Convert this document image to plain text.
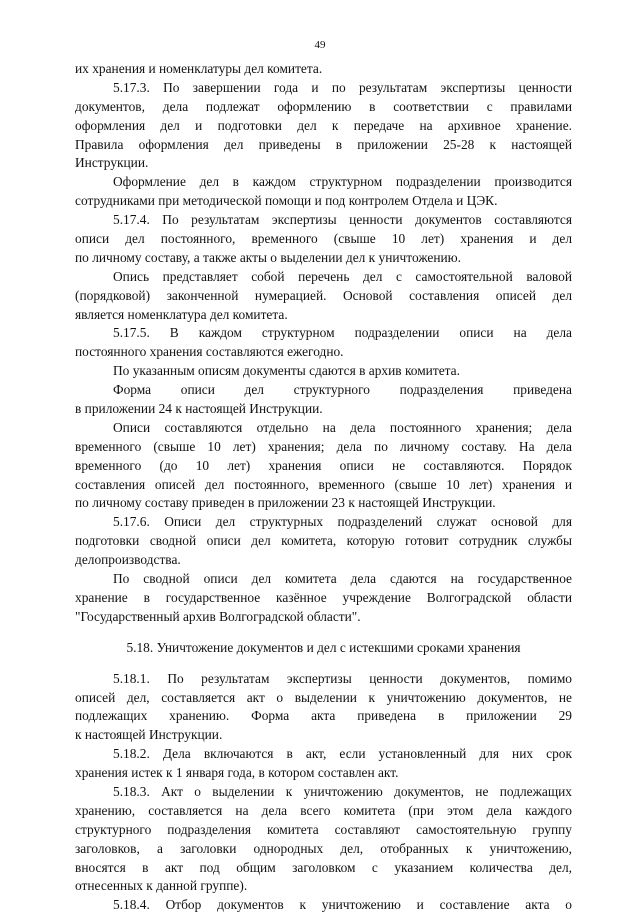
49
их хранения и номенклатуры дел комитета.
5.17.3. По завершении года и по результатам экспертизы ценности
документов, дела подлежат оформлению в соответствии с правилами
оформления дел и подготовки дел к передаче на архивное хранение.
Правила оформления дел приведены в приложении 25-28 к настоящей
Инструкции.
Оформление дел в каждом структурном подразделении производится
сотрудниками при методической помощи и под контролем Отдела и ЦЭК.
5.17.4. По результатам экспертизы ценности документов составляются
описи дел постоянного, временного (свыше 10 лет) хранения и дел
по личному составу, а также акты о выделении дел к уничтожению.
Опись представляет собой перечень дел с самостоятельной валовой
(порядковой) законченной нумерацией. Основой составления описей дел
является номенклатура дел комитета.
5.17.5. В каждом структурном подразделении описи на дела
постоянного хранения составляются ежегодно.
По указанным описям документы сдаются в архив комитета.
Форма описи дел структурного подразделения приведена
в приложении 24 к настоящей Инструкции.
Описи составляются отдельно на дела постоянного хранения; дела
временного (свыше 10 лет) хранения; дела по личному составу. На дела
временного (до 10 лет) хранения описи не составляются. Порядок
составления описей дел постоянного, временного (свыше 10 лет) хранения и
по личному составу приведен в приложении 23 к настоящей Инструкции.
5.17.6. Описи дел структурных подразделений служат основой для
подготовки сводной описи дел комитета, которую готовит сотрудник службы
делопроизводства.
По сводной описи дел комитета дела сдаются на государственное
хранение в государственное казённое учреждение Волгоградской области
"Государственный архив Волгоградской области".
5.18. Уничтожение документов и дел с истекшими сроками хранения
5.18.1. По результатам экспертизы ценности документов, помимо
описей дел, составляется акт о выделении к уничтожению документов, не
подлежащих хранению. Форма акта приведена в приложении 29
к настоящей Инструкции.
5.18.2. Дела включаются в акт, если установленный для них срок
хранения истек к 1 января года, в котором составлен акт.
5.18.3. Акт о выделении к уничтожению документов, не подлежащих
хранению, составляется на дела всего комитета (при этом дела каждого
структурного подразделения комитета составляют самостоятельную группу
заголовков, а заголовки однородных дел, отобранных к уничтожению,
вносятся в акт под общим заголовком с указанием количества дел,
отнесенных к данной группе).
5.18.4. Отбор документов к уничтожению и составление акта о
